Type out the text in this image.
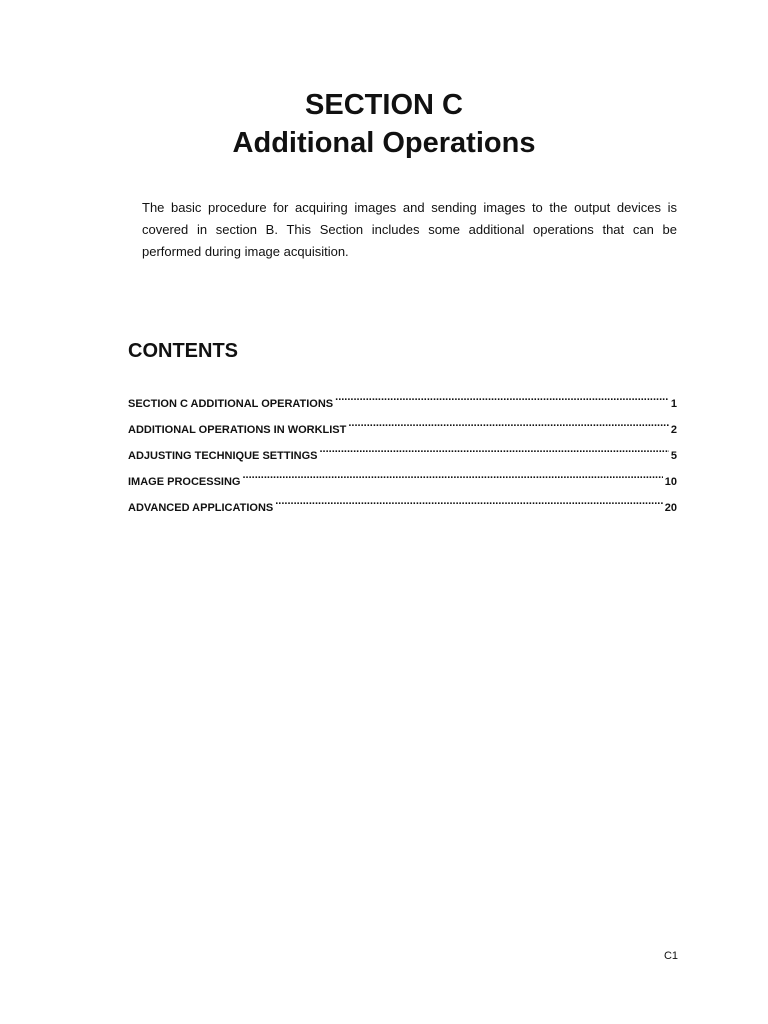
SECTION C

Additional Operations

The basic procedure for acquiring images and sending images to the output devices is covered in section B. This Section includes some additional operations that can be performed during image acquisition.

CONTENTS
SECTION C ADDITIONAL OPERATIONS .....	1
ADDITIONAL OPERATIONS IN WORKLIST .....	2
ADJUSTING TECHNIQUE SETTINGS .....	5
IMAGE PROCESSING .....	10
ADVANCED APPLICATIONS .....	20
C1
